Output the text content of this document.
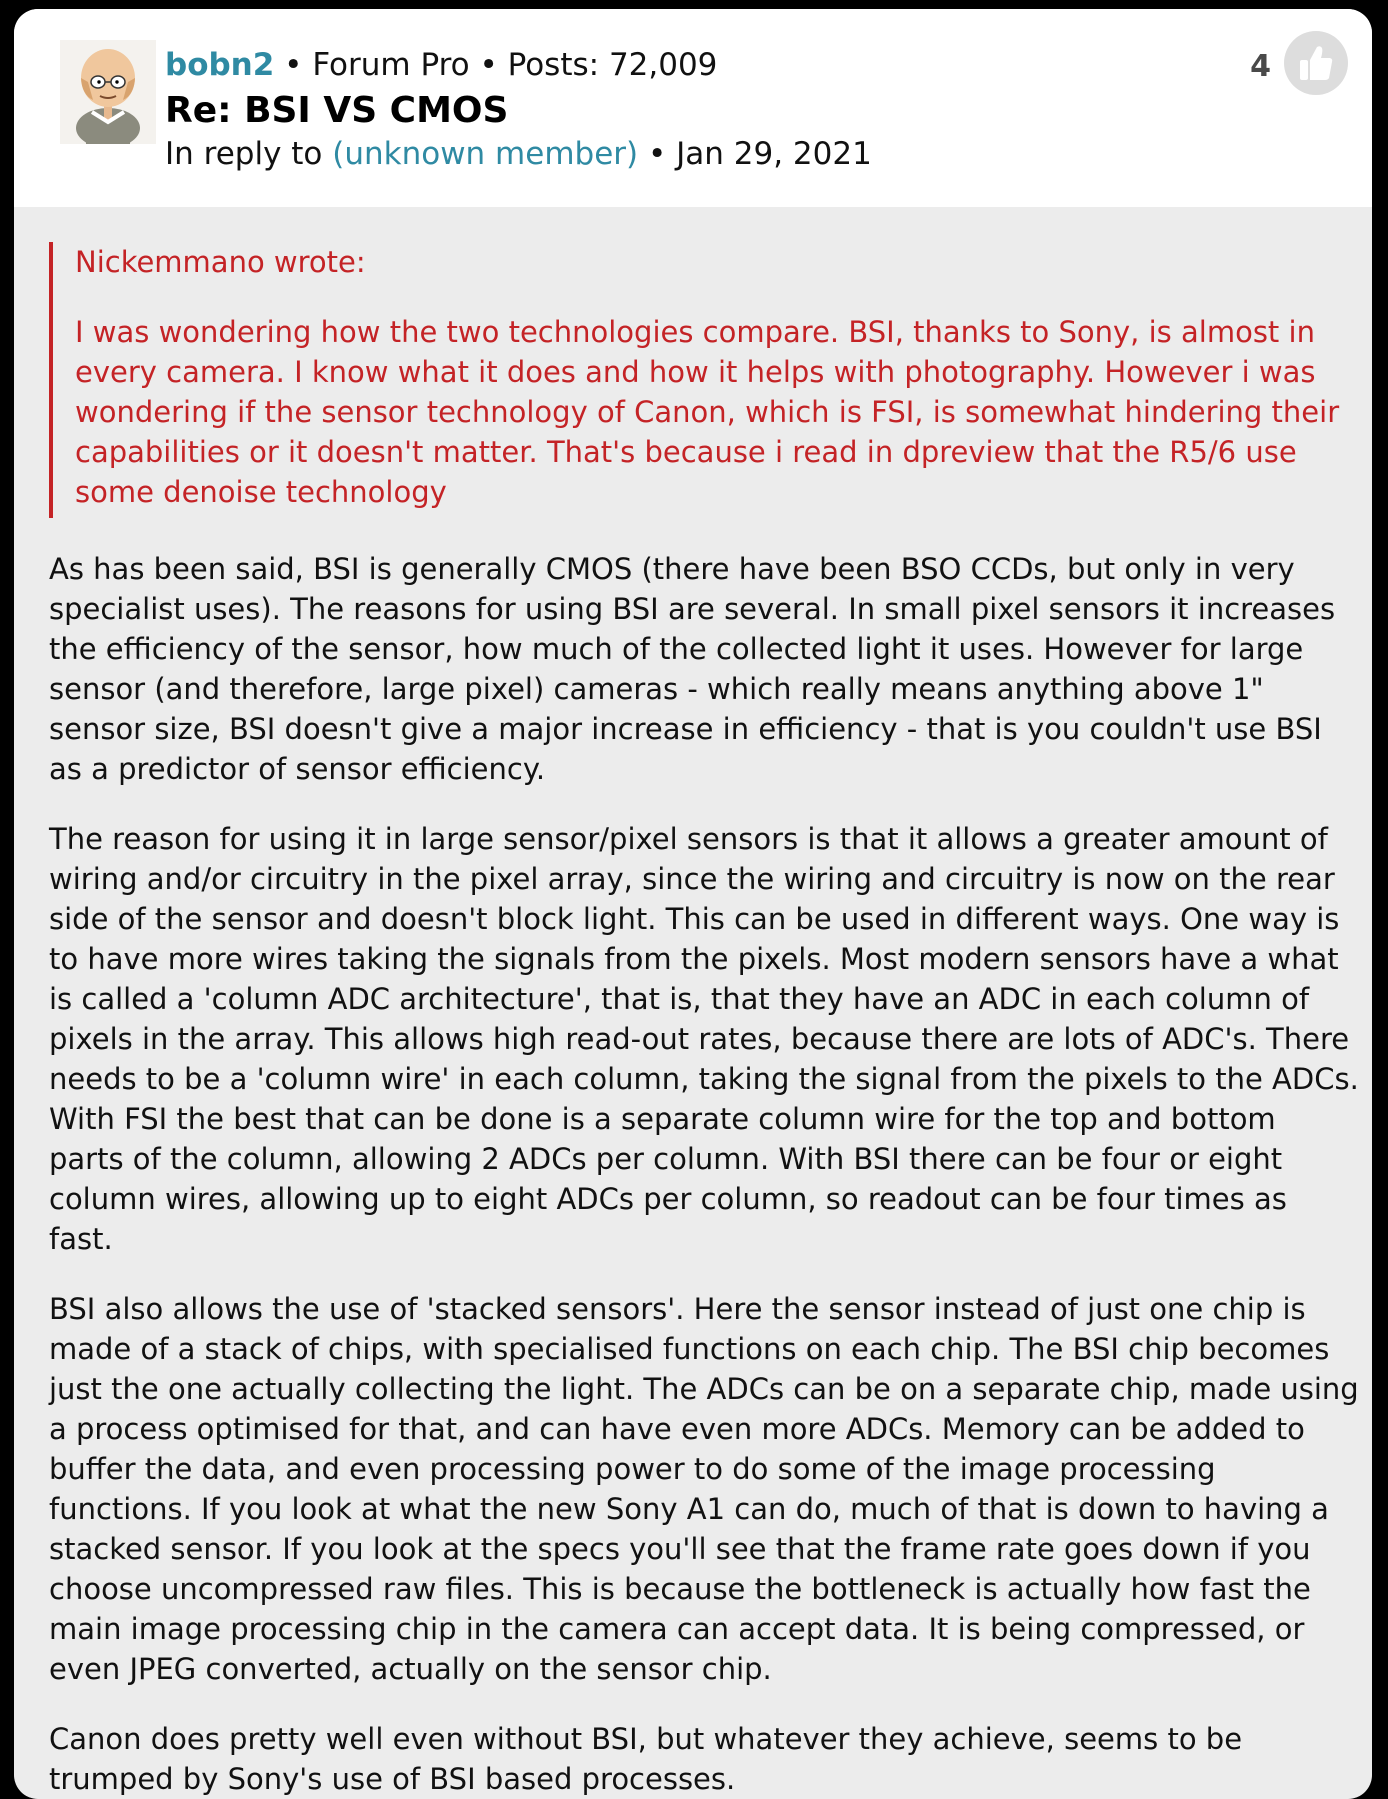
bobn2 • Forum Pro • Posts: 72,009
Re: BSI VS CMOS
In reply to (unknown member) • Jan 29, 2021
4

Nickemmano wrote:

I was wondering how the two technologies compare. BSI, thanks to Sony, is almost in every camera. I know what it does and how it helps with photography. However i was wondering if the sensor technology of Canon, which is FSI, is somewhat hindering their capabilities or it doesn't matter. That's because i read in dpreview that the R5/6 use some denoise technology

As has been said, BSI is generally CMOS (there have been BSO CCDs, but only in very specialist uses). The reasons for using BSI are several. In small pixel sensors it increases the efficiency of the sensor, how much of the collected light it uses. However for large sensor (and therefore, large pixel) cameras - which really means anything above 1" sensor size, BSI doesn't give a major increase in efficiency - that is you couldn't use BSI as a predictor of sensor efficiency.

The reason for using it in large sensor/pixel sensors is that it allows a greater amount of wiring and/or circuitry in the pixel array, since the wiring and circuitry is now on the rear side of the sensor and doesn't block light. This can be used in different ways. One way is to have more wires taking the signals from the pixels. Most modern sensors have a what is called a 'column ADC architecture', that is, that they have an ADC in each column of pixels in the array. This allows high read-out rates, because there are lots of ADC's. There needs to be a 'column wire' in each column, taking the signal from the pixels to the ADCs. With FSI the best that can be done is a separate column wire for the top and bottom parts of the column, allowing 2 ADCs per column. With BSI there can be four or eight column wires, allowing up to eight ADCs per column, so readout can be four times as fast.

BSI also allows the use of 'stacked sensors'. Here the sensor instead of just one chip is made of a stack of chips, with specialised functions on each chip. The BSI chip becomes just the one actually collecting the light. The ADCs can be on a separate chip, made using a process optimised for that, and can have even more ADCs. Memory can be added to buffer the data, and even processing power to do some of the image processing functions. If you look at what the new Sony A1 can do, much of that is down to having a stacked sensor. If you look at the specs you'll see that the frame rate goes down if you choose uncompressed raw files. This is because the bottleneck is actually how fast the main image processing chip in the camera can accept data. It is being compressed, or even JPEG converted, actually on the sensor chip.

Canon does pretty well even without BSI, but whatever they achieve, seems to be trumped by Sony's use of BSI based processes.
